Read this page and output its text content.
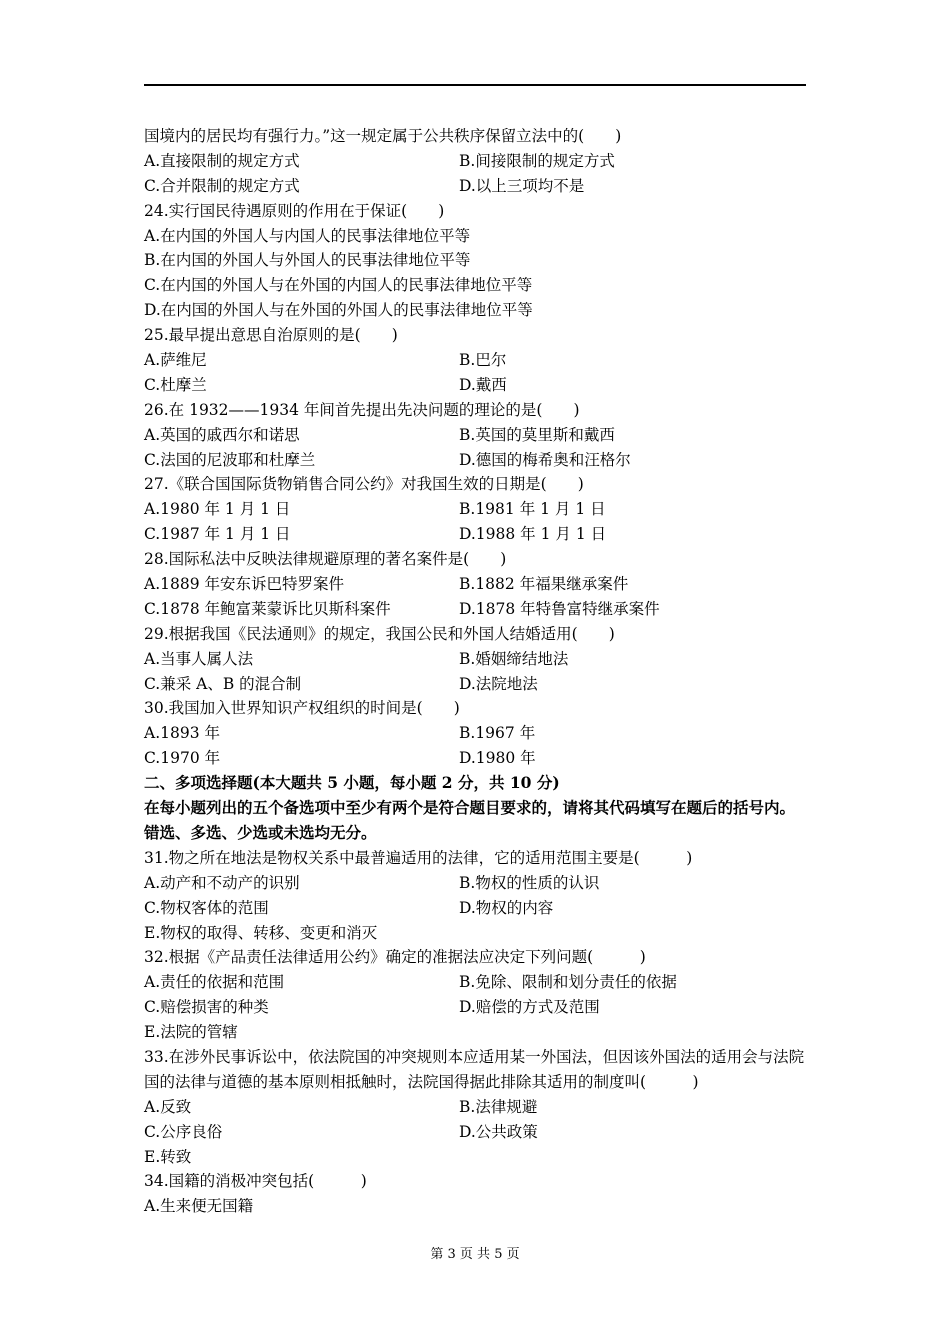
国境内的居民均有强行力。”这一规定属于公共秩序保留立法中的(　　)
A.直接限制的规定方式	B.间接限制的规定方式
C.合并限制的规定方式	D.以上三项均不是
24.实行国民待遇原则的作用在于保证(　　)
A.在内国的外国人与内国人的民事法律地位平等
B.在内国的外国人与外国人的民事法律地位平等
C.在内国的外国人与在外国的内国人的民事法律地位平等
D.在内国的外国人与在外国的外国人的民事法律地位平等
25.最早提出意思自治原则的是(　　)
A.萨维尼	B.巴尔
C.杜摩兰	D.戴西
26.在 1932——1934 年间首先提出先决问题的理论的是(　　)
A.英国的戚西尔和诺思	B.英国的莫里斯和戴西
C.法国的尼波耶和杜摩兰	D.德国的梅希奥和汪格尔
27.《联合国国际货物销售合同公约》对我国生效的日期是(　　)
A.1980 年 1 月 1 日	B.1981 年 1 月 1 日
C.1987 年 1 月 1 日	D.1988 年 1 月 1 日
28.国际私法中反映法律规避原理的著名案件是(　　)
A.1889 年安东诉巴特罗案件	B.1882 年福果继承案件
C.1878 年鲍富莱蒙诉比贝斯科案件	D.1878 年特鲁富特继承案件
29.根据我国《民法通则》的规定，我国公民和外国人结婚适用(　　)
A.当事人属人法	B.婚姻缔结地法
C.兼采 A、B 的混合制	D.法院地法
30.我国加入世界知识产权组织的时间是(　　)
A.1893 年	B.1967 年
C.1970 年	D.1980 年
二、多项选择题(本大题共 5 小题，每小题 2 分，共 10 分)
在每小题列出的五个备选项中至少有两个是符合题目要求的，请将其代码填写在题后的括号内。错选、多选、少选或未选均无分。
31.物之所在地法是物权关系中最普遍适用的法律，它的适用范围主要是(　　　)
A.动产和不动产的识别	B.物权的性质的认识
C.物权客体的范围	D.物权的内容
E.物权的取得、转移、变更和消灭
32.根据《产品责任法律适用公约》确定的准据法应决定下列问题(　　　)
A.责任的依据和范围	B.免除、限制和划分责任的依据
C.赔偿损害的种类	D.赔偿的方式及范围
E.法院的管辖
33.在涉外民事诉讼中，依法院国的冲突规则本应适用某一外国法，但因该外国法的适用会与法院国的法律与道德的基本原则相抵触时，法院国得据此排除其适用的制度叫(　　　)
A.反致	B.法律规避
C.公序良俗	D.公共政策
E.转致
34.国籍的消极冲突包括(　　　)
A.生来便无国籍
第 3 页 共 5 页
